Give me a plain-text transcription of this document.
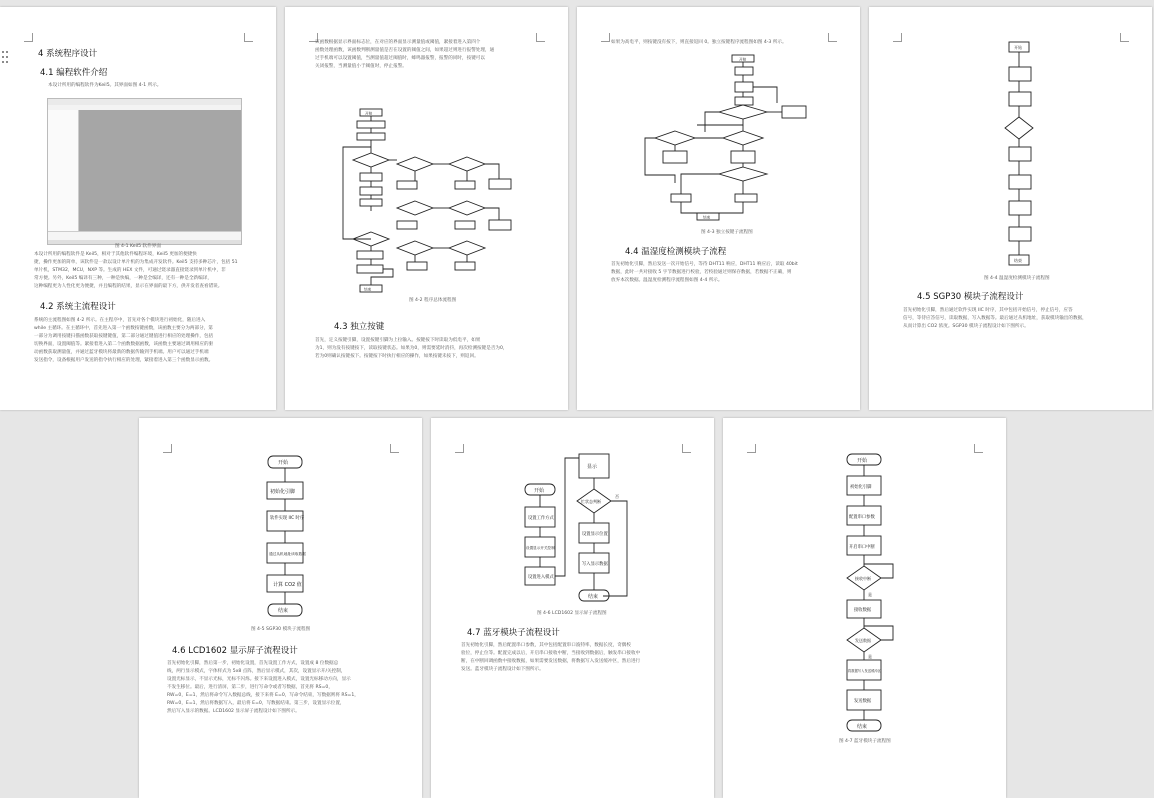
4 系统程序设计
4.1 编程软件介绍
本设计所用的编程软件为Keil5。其界面如图 4-1 所示。
图 4-1 Keil5 软件界面
本设计所用的编程软件是 Keil5，相对于其他软件编程环境，Keil5 更加的便捷快
捷，操作更加的简单，该软件是一款以设计单片机的为集成开发软件。Keil5 支持多种芯片，包括 51
单片机，STM32，MCU，NXP 等。生成的 HEX 文件，可通过烧录器直接烧录到单片机中，非
常方便。另外，Keil5 编译有三种，一种是快编，一种是全编译，还有一种是全新编译，
这种编程更为人性化更为便捷，并且编程的结果，显示在界面的最下方，供开发者查看错误。
4.2 系统主流程设计
系统的主流程图如图 4-2 所示。在主程序中，首先对各个模块进行初始化，随后进入
while 主循环。在主循环中，首先进入第一个函数按键函数，该函数主要分为两部分，第
一部分为调用按键扫描函数获取按键键值，第二部分通过键值进行相应的处理操作，包括
切换界面，设置阈值等。紧接着进入第二个函数数据函数，该函数主要通过调用相应的驱
动函数获取测量值，并通过蓝牙模块将最新的数据传输到手机端。用户可以通过手机端
发送指令，设备根据用户发送的指令执行相应的处理，紧接着进入第三个函数显示函数。
该函数根据显示界面标志位，在对应的界面显示测量值或阈值，紧接着进入第四个
函数处理函数，该函数判断测量值是否在设置的阈值之间，如果超过则进行报警处理，通
过手机端可以设置阈值，当测量值超过阈值时，蜂鸣器报警，报警的同时，按键可以
关闭报警，当测量值小于阈值时，停止报警。
开始
结束
图 4-2 程序总体流程图
4.3 独立按键
首先，定义按键引脚，设置按键引脚为上拉输入。按键按下时读取为低电平，如果
为1，则为没有按键按下，读取按键状态。如果为0，则需要延时消抖，再次检测按键是否为0，
若为0则确认按键按下。按键按下时执行相应的操作，如果按键未按下，则返回。
如果为高电平，则按键没有按下，则直接返回 0。独立按键程序流程图如图 4-3 所示。
开始
结束
图 4-3 独立按键子流程图
4.4 温湿度检测模块子流程
首先初始化引脚，然后发送一次开始信号，等待 DHT11 响应，DHT11 响应后，读取 40bit
数据，此时一共对接收 5 字节数据进行校验，若校验通过则保存数据，若数据不正确，则
放弃本次数据。温湿度检测程序流程图如图 4-4 所示。
开始
结束
图 4-4 温湿度检测模块子流程图
4.5 SGP30 模块子流程设计
首先初始化引脚，然后通过软件实现 IIC 时序，其中包括开始信号，停止信号，应答
信号，等待应答信号，读取数据，写入数据等。最后通过从机地址，获取模块输出的数据，
从而计算出 CO2 浓度。SGP30 模块子流程设计如下图所示。
开始
初始化引脚
软件实现 IIC 时序
通过从机地址读取数据
计算 CO2 值
结束
图 4-5 SGP30 模块子流程图
4.6 LCD1602 显示屏子流程设计
首先初始化引脚，然后第一步，初始化设置，首先设置工作方式，设置成 8 位数据总
线，两行显示模式，字体样式为 5x8 点阵，然后显示模式，其次，设置显示开/关控制，
设置光标显示，不显示光标，光标不闪烁。接下来设置进入模式，设置光标移动方向，显示
不发生移位。最后，进行清屏，第二步，进行写命令或者写数据，首先将 RS=0，
RW=0，E=1，然后将命令写入数据总线，接下来将 E=0，写命令结束，写数据则将 RS=1，
RW=0，E=1，然后将数据写入，最后将 E=0，写数据结束。第三步，设置显示位置，
然后写入显示的数据。LCD1602 显示屏子流程设计如下图所示。
开始
设置工作方式
设置显示开关控制
设置进入模式
显示
忙状态判断
否
设置显示位置
写入显示数据
结束
图 4-6 LCD1602 显示屏子流程图
4.7 蓝牙模块子流程设计
首先初始化引脚，然后配置串口参数，其中包括配置串口波特率，数据长度，奇偶校
验位，停止位等。配置完成以后，开启串口接收中断，当接收到数据后，触发串口接收中
断，在中断回调函数中接收数据，如果需要发送数据，将数据写入发送缓冲区，然后进行
发送。蓝牙模块子流程设计如下图所示。
开始
初始化引脚
配置串口参数
开启串口中断
接收中断
是
接收数据
发送数据
是
将数据写入发送缓冲区
发送数据
结束
图 4-7 蓝牙模块子流程图
